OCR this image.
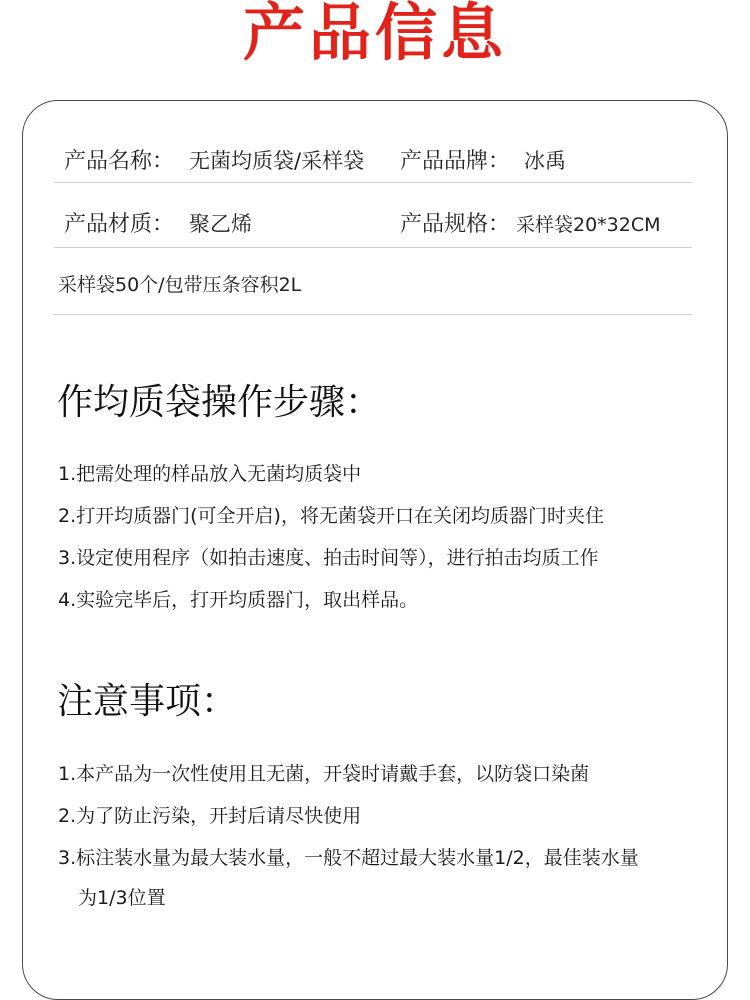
产品信息
产品名称： 无菌均质袋/采样袋 产品品牌： 冰禹
产品材质： 聚乙烯	产品规格： 采样袋20*32CM
采样袋50个/包带压条容积2L
作均质袋操作步骤：
1.把需处理的样品放入无菌均质袋中
2.打开均质器门(可全开启)，将无菌袋开口在关闭均质器门时夹住
3.设定使用程序（如拍击速度、拍击时间等），进行拍击均质工作
4.实验完毕后，打开均质器门，取出样品。
注意事项：
1.本产品为一次性使用且无菌，开袋时请戴手套，以防袋口染菌
2.为了防止污染，开封后请尽快使用
3.标注装水量为最大装水量，一般不超过最大装水量1/2，最佳装水量
为1/3位置
